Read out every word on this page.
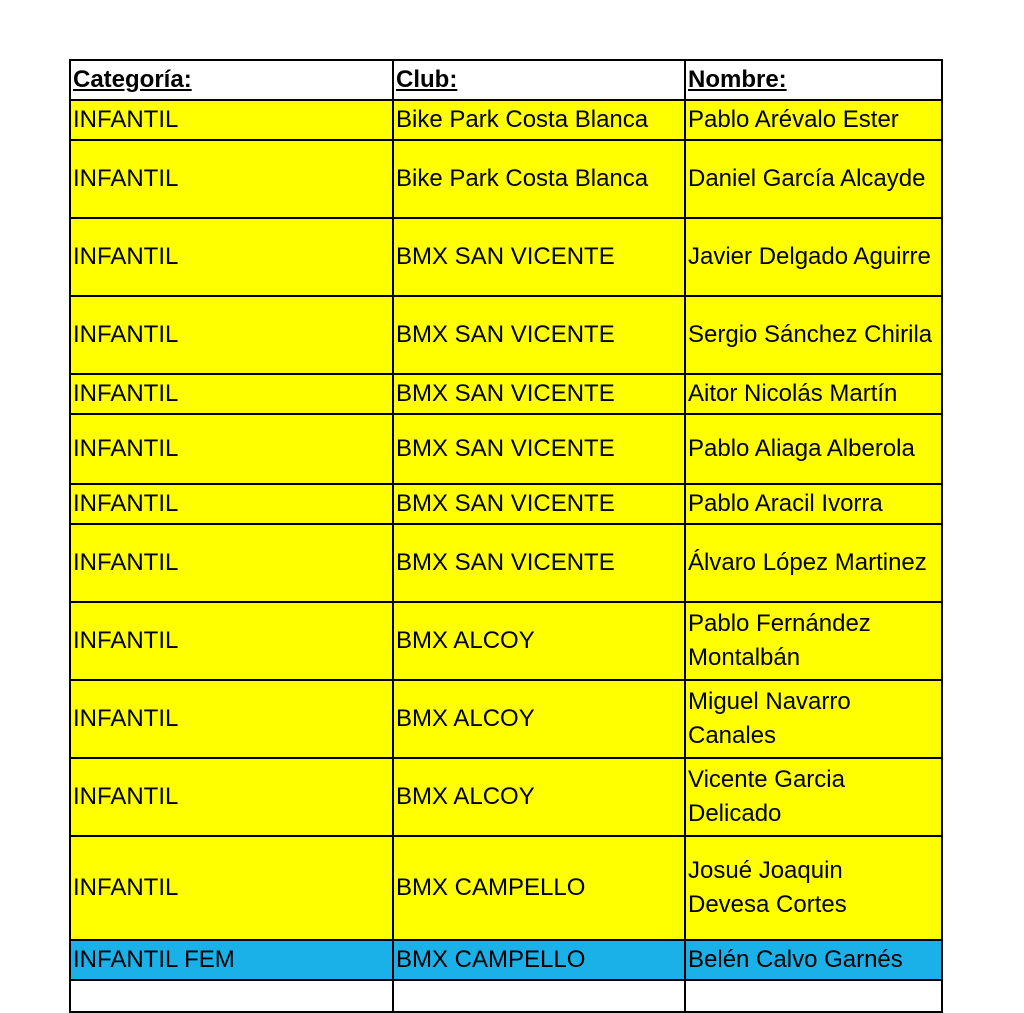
Categoría:	Club:	Nombre:
INFANTIL	Bike Park Costa Blanca	Pablo Arévalo Ester
INFANTIL	Bike Park Costa Blanca	Daniel García Alcayde
INFANTIL	BMX SAN VICENTE	Javier Delgado Aguirre
INFANTIL	BMX SAN VICENTE	Sergio Sánchez Chirila
INFANTIL	BMX SAN VICENTE	Aitor Nicolás Martín
INFANTIL	BMX SAN VICENTE	Pablo Aliaga Alberola
INFANTIL	BMX SAN VICENTE	Pablo Aracil Ivorra
INFANTIL	BMX SAN VICENTE	Álvaro López Martinez
INFANTIL	BMX ALCOY	Pablo Fernández Montalbán
INFANTIL	BMX ALCOY	Miguel Navarro Canales
INFANTIL	BMX ALCOY	Vicente Garcia Delicado
INFANTIL	BMX CAMPELLO	Josué Joaquin Devesa Cortes
INFANTIL FEM	BMX CAMPELLO	Belén Calvo Garnés
